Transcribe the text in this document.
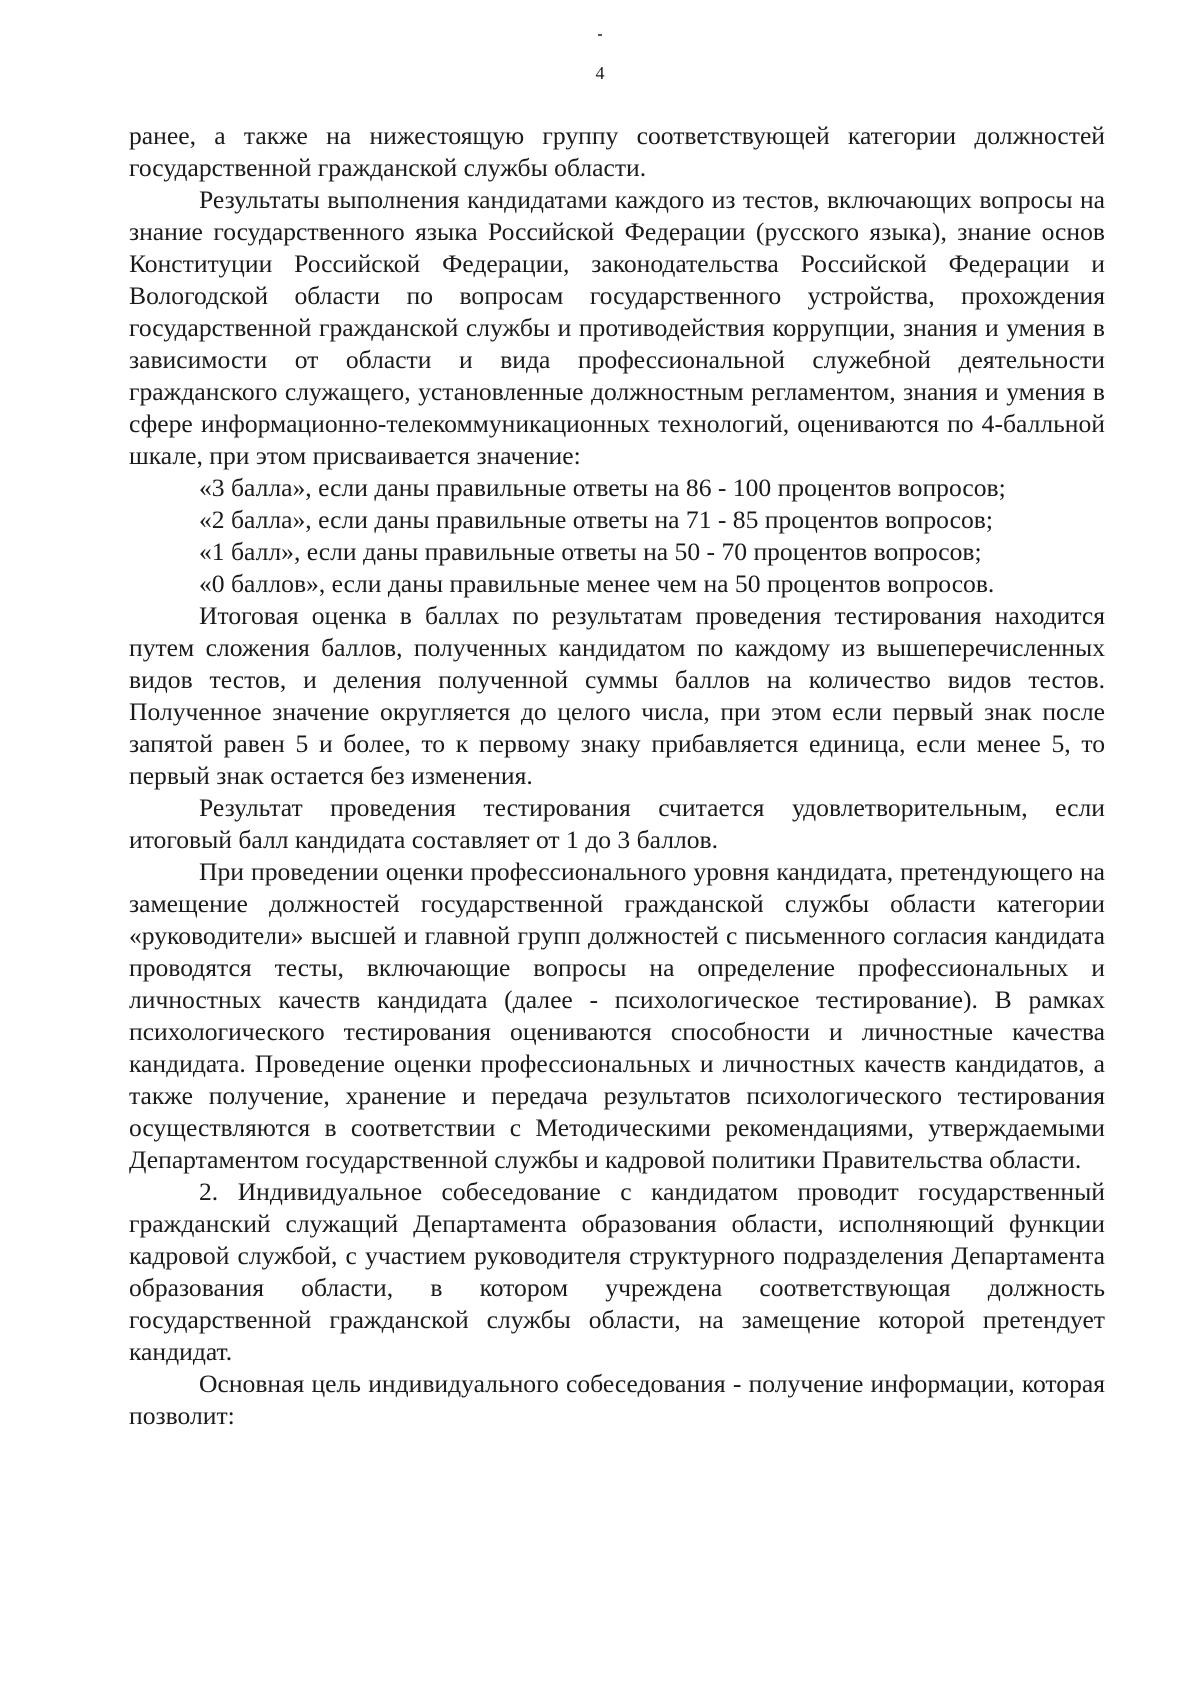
4

ранее, а также на нижестоящую группу соответствующей категории должностей государственной гражданской службы области.

Результаты выполнения кандидатами каждого из тестов, включающих вопросы на знание государственного языка Российской Федерации (русского языка), знание основ Конституции Российской Федерации, законодательства Российской Федерации и Вологодской области по вопросам государственного устройства, прохождения государственной гражданской службы и противодействия коррупции, знания и умения в зависимости от области и вида профессиональной служебной деятельности гражданского служащего, установленные должностным регламентом, знания и умения в сфере информационно-телекоммуникационных технологий, оцениваются по 4-балльной шкале, при этом присваивается значение:

«3 балла», если даны правильные ответы на 86 - 100 процентов вопросов;

«2 балла», если даны правильные ответы на 71 - 85 процентов вопросов;

«1 балл», если даны правильные ответы на 50 - 70 процентов вопросов;

«0 баллов», если даны правильные менее чем на 50 процентов вопросов.

Итоговая оценка в баллах по результатам проведения тестирования находится путем сложения баллов, полученных кандидатом по каждому из вышеперечисленных видов тестов, и деления полученной суммы баллов на количество видов тестов. Полученное значение округляется до целого числа, при этом если первый знак после запятой равен 5 и более, то к первому знаку прибавляется единица, если менее 5, то первый знак остается без изменения.

Результат проведения тестирования считается удовлетворительным, если итоговый балл кандидата составляет от 1 до 3 баллов.

При проведении оценки профессионального уровня кандидата, претендующего на замещение должностей государственной гражданской службы области категории «руководители» высшей и главной групп должностей с письменного согласия кандидата проводятся тесты, включающие вопросы на определение профессиональных и личностных качеств кандидата (далее - психологическое тестирование). В рамках психологического тестирования оцениваются способности и личностные качества кандидата. Проведение оценки профессиональных и личностных качеств кандидатов, а также получение, хранение и передача результатов психологического тестирования осуществляются в соответствии с Методическими рекомендациями, утверждаемыми Департаментом государственной службы и кадровой политики Правительства области.

2. Индивидуальное собеседование с кандидатом проводит государственный гражданский служащий Департамента образования области, исполняющий функции кадровой службой, с участием руководителя структурного подразделения Департамента образования области, в котором учреждена соответствующая должность государственной гражданской службы области, на замещение которой претендует кандидат.

Основная цель индивидуального собеседования - получение информации, которая позволит:
